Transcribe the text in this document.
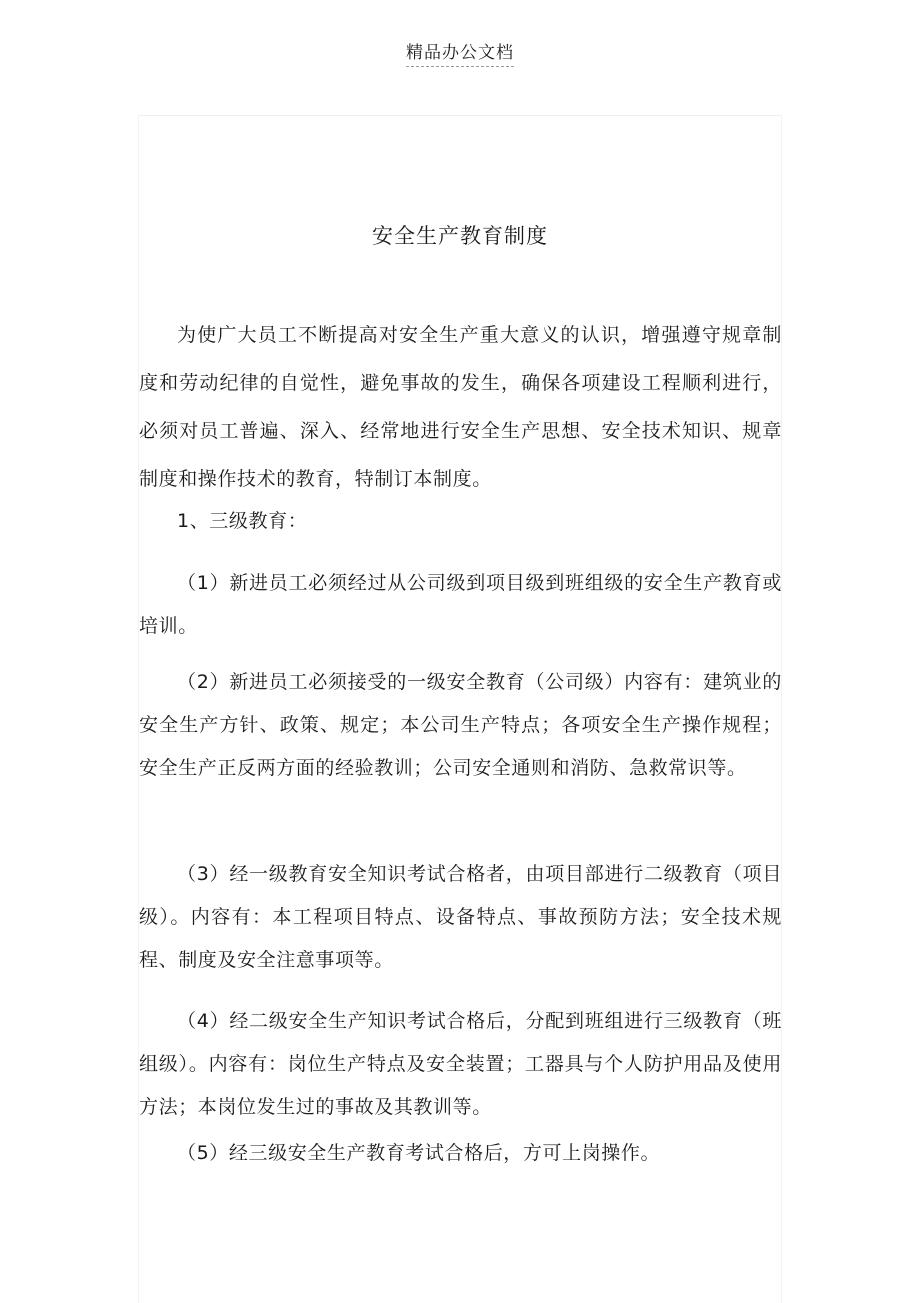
精品办公文档
安全生产教育制度

为使广大员工不断提高对安全生产重大意义的认识，增强遵守规章制度和劳动纪律的自觉性，避免事故的发生，确保各项建设工程顺利进行，必须对员工普遍、深入、经常地进行安全生产思想、安全技术知识、规章制度和操作技术的教育，特制订本制度。

1、三级教育：

（1）新进员工必须经过从公司级到项目级到班组级的安全生产教育或培训。

（2）新进员工必须接受的一级安全教育（公司级）内容有：建筑业的安全生产方针、政策、规定；本公司生产特点；各项安全生产操作规程；安全生产正反两方面的经验教训；公司安全通则和消防、急救常识等。

（3）经一级教育安全知识考试合格者，由项目部进行二级教育（项目级）。内容有：本工程项目特点、设备特点、事故预防方法；安全技术规程、制度及安全注意事项等。

（4）经二级安全生产知识考试合格后，分配到班组进行三级教育（班组级）。内容有：岗位生产特点及安全装置；工器具与个人防护用品及使用方法；本岗位发生过的事故及其教训等。

（5）经三级安全生产教育考试合格后，方可上岗操作。
